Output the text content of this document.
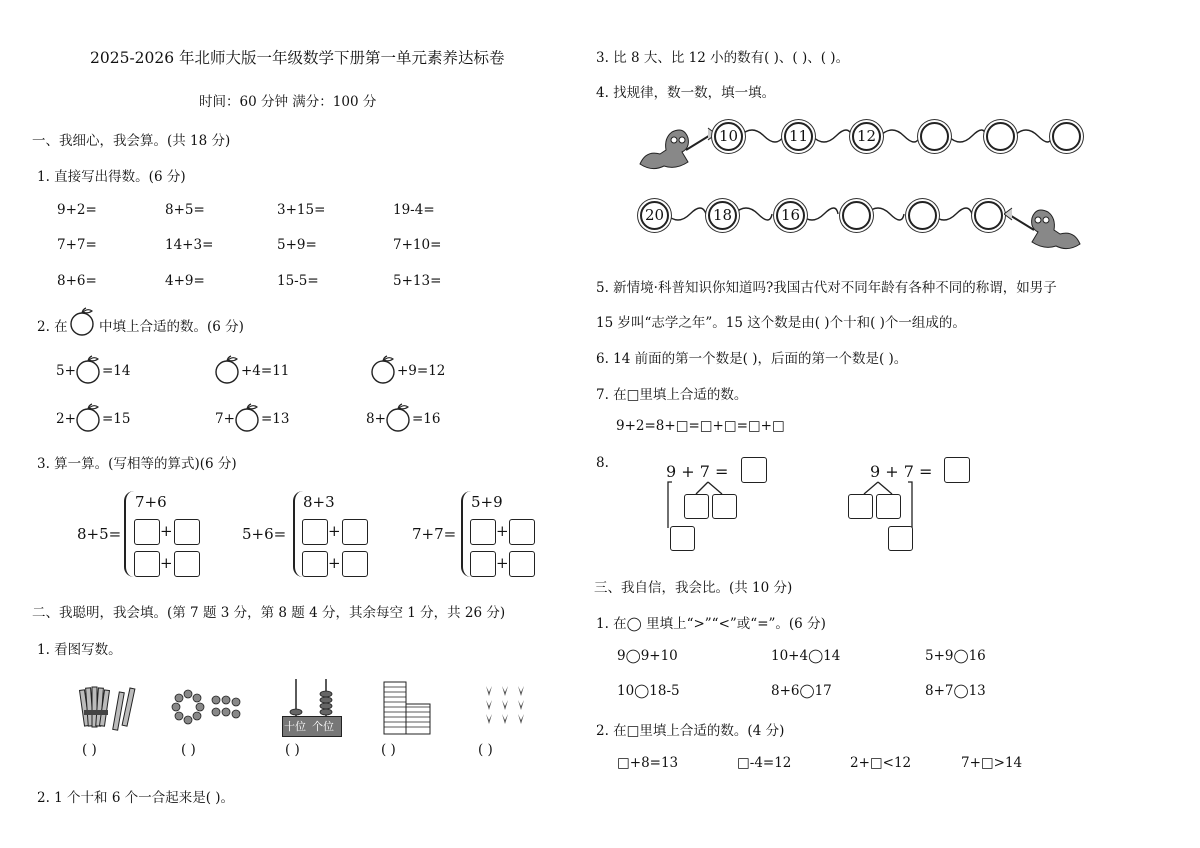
2025-2026 年北师大版一年级数学下册第一单元素养达标卷
时间：60 分钟 满分：100 分
一、我细心，我会算。(共 18 分)
1. 直接写出得数。(6 分)
9+2=	8+5=	3+15=	19-4=
7+7=	14+3=	5+9=	7+10=
8+6=	4+9=	15-5=	5+13=
2. 在 中填上合适的数。(6 分)
5+ =14	+4=11	+9=12
2+ =15	7+ =13	8+ =16
3. 算一算。(写相等的算式)(6 分)
8+5=
7+6
+
+
5+6=
8+3
+
+
7+7=
5+9
+
+
二、我聪明，我会填。(第 7 题 3 分，第 8 题 4 分，其余每空 1 分，共 26 分)
1. 看图写数。
十位 个位
( )	( )	( )	( )	( )
2. 1 个十和 6 个一合起来是( )。
3. 比 8 大、比 12 小的数有( )、( )、( )。
4. 找规律，数一数，填一填。
10	11	12
20	18	16
5. 新情境·科普知识你知道吗?我国古代对不同年龄有各种不同的称谓，如男子
15 岁叫“志学之年”。15 这个数是由( )个十和( )个一组成的。
6. 14 前面的第一个数是( )，后面的第一个数是( )。
7. 在□里填上合适的数。
9+2=8+□=□+□=□+□
8.	9 + 7 =	9 + 7 =
三、我自信，我会比。(共 10 分)
1. 在◯ 里填上“>”“<”或“=”。(6 分)
9◯9+10	10+4◯14	5+9◯16
10◯18-5	8+6◯17	8+7◯13
2. 在□里填上合适的数。(4 分)
□+8=13	□-4=12	2+□<12	7+□>14
